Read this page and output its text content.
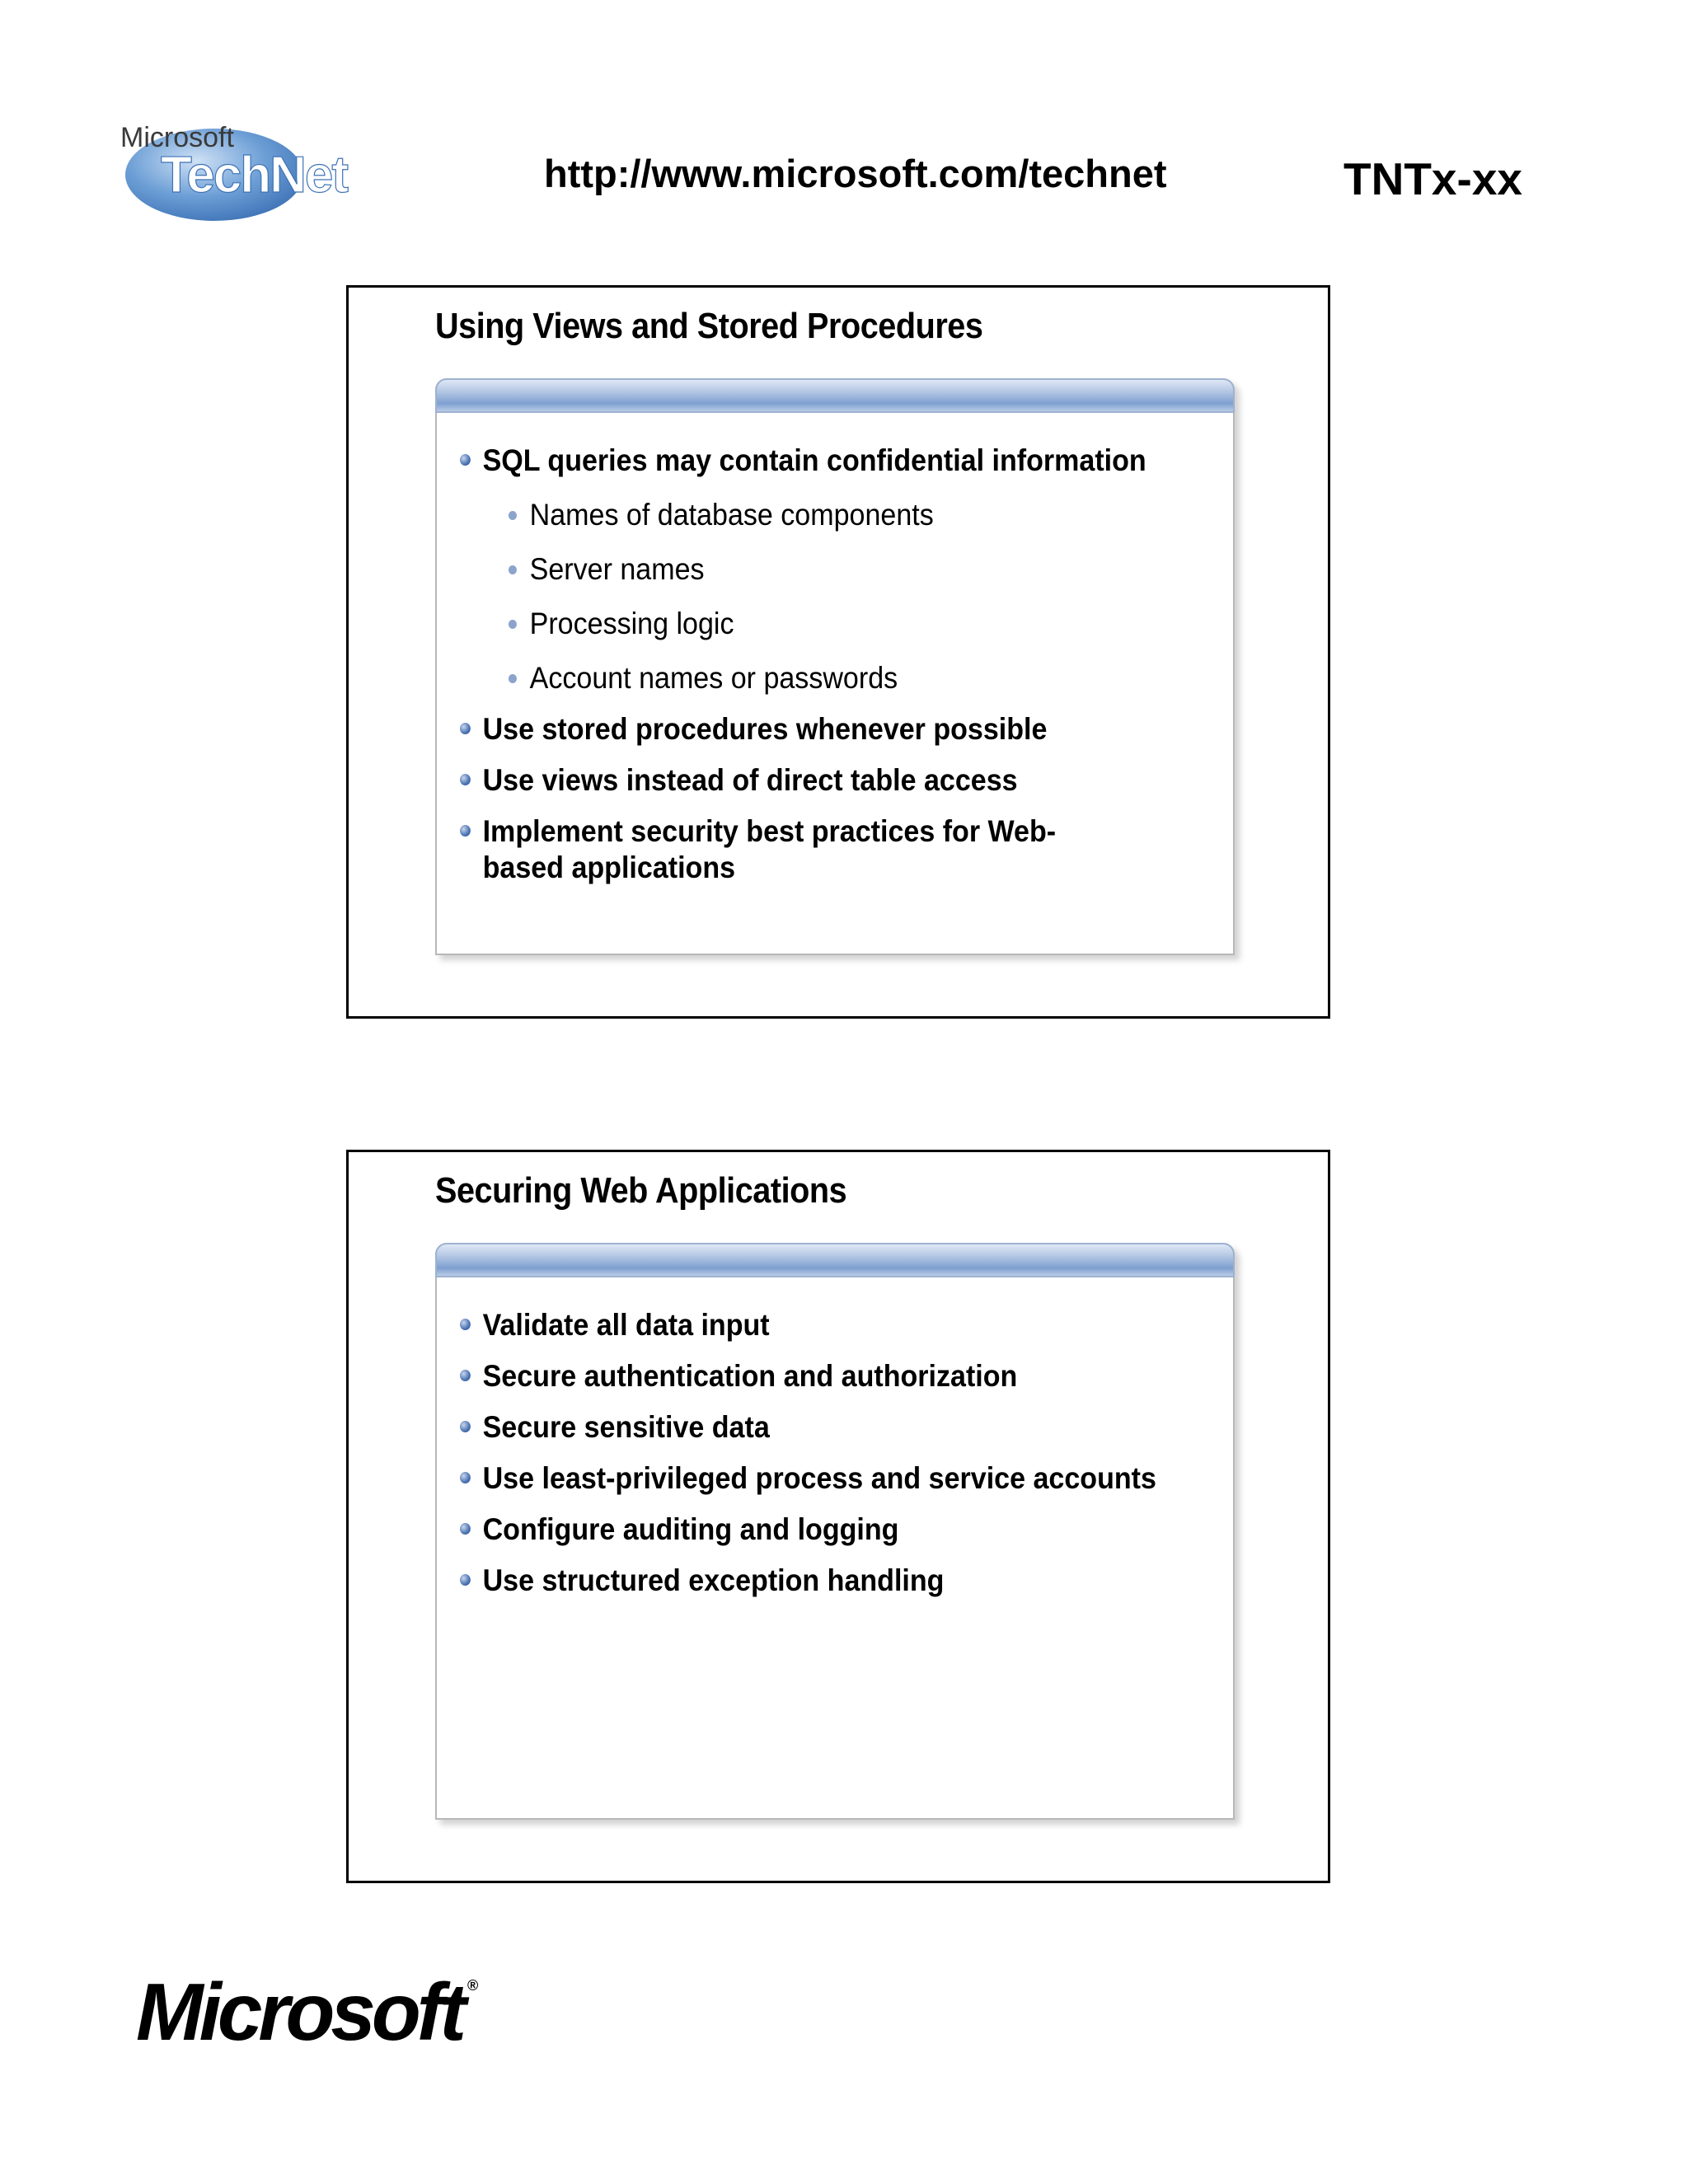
Microsoft
TechNet	http://www.microsoft.com/technet	TNTx-xx
Using Views and Stored Procedures
SQL queries may contain confidential information
Names of database components
Server names
Processing logic
Account names or passwords
Use stored procedures whenever possible
Use views instead of direct table access
Implement security best practices for Web-based applications
Securing Web Applications
Validate all data input
Secure authentication and authorization
Secure sensitive data
Use least-privileged process and service accounts
Configure auditing and logging
Use structured exception handling
Microsoft ®
